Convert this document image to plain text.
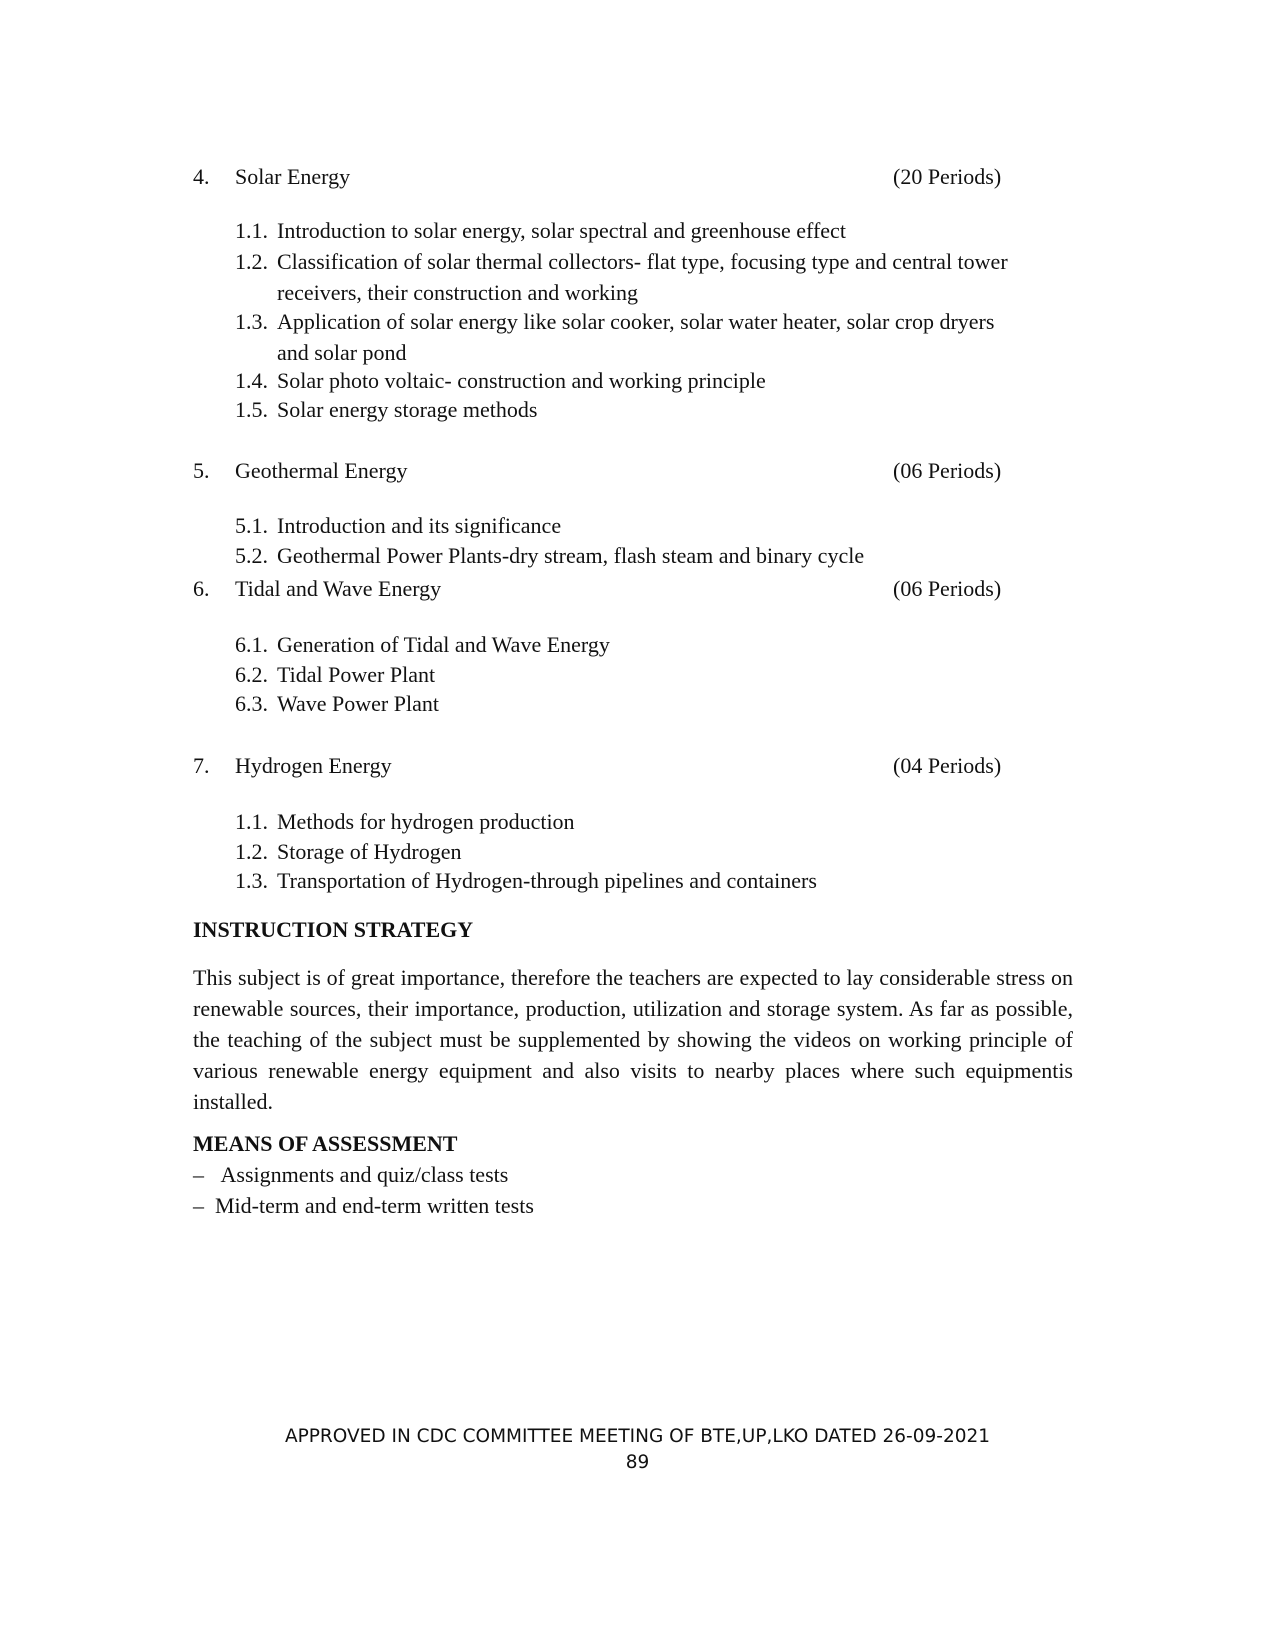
4. Solar Energy	(20 Periods)
1.1. Introduction to solar energy, solar spectral and greenhouse effect
1.2. Classification of solar thermal collectors- flat type, focusing type and central tower
receivers, their construction and working
1.3. Application of solar energy like solar cooker, solar water heater, solar crop dryers
and solar pond
1.4. Solar photo voltaic- construction and working principle
1.5. Solar energy storage methods
5. Geothermal Energy	(06 Periods)
5.1. Introduction and its significance
5.2. Geothermal Power Plants-dry stream, flash steam and binary cycle
6. Tidal and Wave Energy	(06 Periods)
6.1. Generation of Tidal and Wave Energy
6.2. Tidal Power Plant
6.3. Wave Power Plant
7. Hydrogen Energy	(04 Periods)
1.1. Methods for hydrogen production
1.2. Storage of Hydrogen
1.3. Transportation of Hydrogen-through pipelines and containers
INSTRUCTION STRATEGY
This subject is of great importance, therefore the teachers are expected to lay considerable stress on renewable sources, their importance, production, utilization and storage system. As far as possible, the teaching of the subject must be supplemented by showing the videos on working principle of various renewable energy equipment and also visits to nearby places where such equipmentis installed.
MEANS OF ASSESSMENT
–   Assignments and quiz/class tests
–  Mid-term and end-term written tests
APPROVED IN CDC COMMITTEE MEETING OF BTE,UP,LKO DATED 26-09-2021
89
